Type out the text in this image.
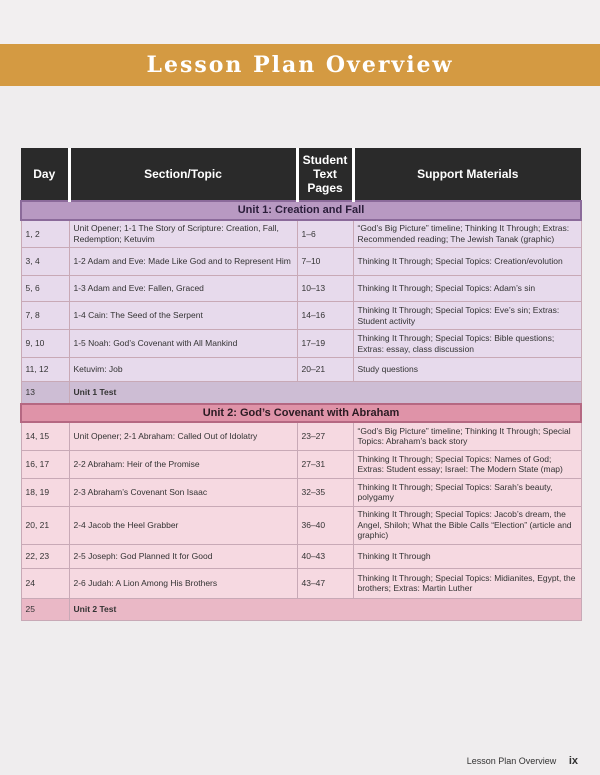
Lesson Plan Overview
Day	Section/Topic	Student Text Pages	Support Materials
Unit 1: Creation and Fall			
1, 2	Unit Opener; 1-1 The Story of Scripture: Creation, Fall, Redemption; Ketuvim	1–6	“God’s Big Picture” timeline; Thinking It Through; Extras: Recommended reading; The Jewish Tanak (graphic)
3, 4	1-2 Adam and Eve: Made Like God and to Represent Him	7–10	Thinking It Through; Special Topics: Creation/evolution
5, 6	1-3 Adam and Eve: Fallen, Graced	10–13	Thinking It Through; Special Topics: Adam’s sin
7, 8	1-4 Cain: The Seed of the Serpent	14–16	Thinking It Through; Special Topics: Eve’s sin; Extras: Student activity
9, 10	1-5 Noah: God’s Covenant with All Mankind	17–19	Thinking It Through; Special Topics: Bible questions; Extras: essay, class discussion
11, 12	Ketuvim: Job	20–21	Study questions
13	Unit 1 Test		
Unit 2: God’s Covenant with Abraham			
14, 15	Unit Opener; 2-1 Abraham: Called Out of Idolatry	23–27	“God’s Big Picture” timeline; Thinking It Through; Special Topics: Abraham’s back story
16, 17	2-2 Abraham: Heir of the Promise	27–31	Thinking It Through; Special Topics: Names of God; Extras: Student essay; Israel: The Modern State (map)
18, 19	2-3 Abraham’s Covenant Son Isaac	32–35	Thinking It Through; Special Topics: Sarah’s beauty, polygamy
20, 21	2-4 Jacob the Heel Grabber	36–40	Thinking It Through; Special Topics: Jacob’s dream, the Angel, Shiloh; What the Bible Calls “Election” (article and graphic)
22, 23	2-5 Joseph: God Planned It for Good	40–43	Thinking It Through
24	2-6 Judah: A Lion Among His Brothers	43–47	Thinking It Through; Special Topics: Midianites, Egypt, the brothers; Extras: Martin Luther
25	Unit 2 Test		
Lesson Plan Overview ix
